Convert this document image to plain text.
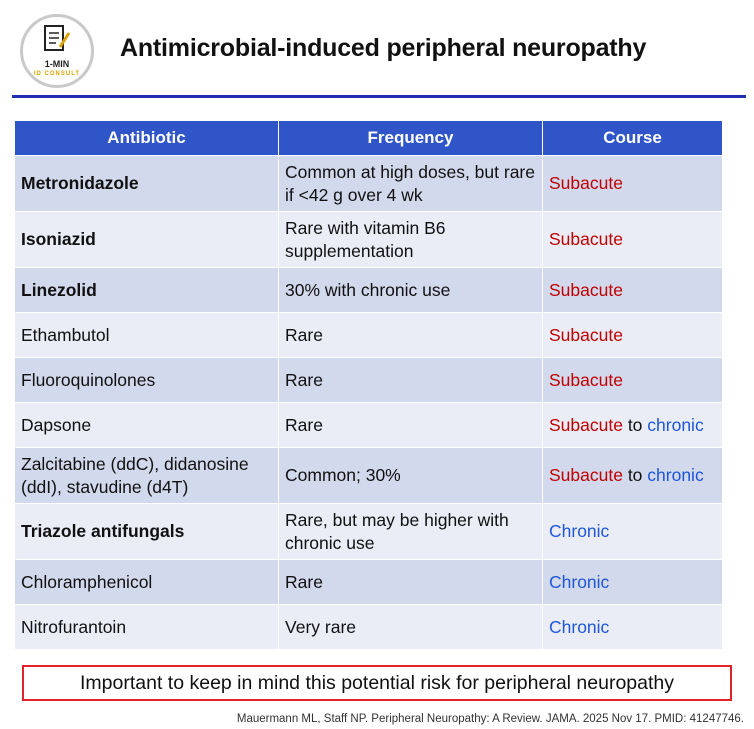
1-MIN
ID CONSULT
Antimicrobial-induced peripheral neuropathy
Antibiotic	Frequency	Course
Metronidazole	Common at high doses, but rare if <42 g over 4 wk	Subacute
Isoniazid	Rare with vitamin B6 supplementation	Subacute
Linezolid	30% with chronic use	Subacute
Ethambutol	Rare	Subacute
Fluoroquinolones	Rare	Subacute
Dapsone	Rare	Subacute to chronic
Zalcitabine (ddC), didanosine (ddI), stavudine (d4T)	Common; 30%	Subacute to chronic
Triazole antifungals	Rare, but may be higher with chronic use	Chronic
Chloramphenicol	Rare	Chronic
Nitrofurantoin	Very rare	Chronic
Important to keep in mind this potential risk for peripheral neuropathy
Mauermann ML, Staff NP. Peripheral Neuropathy: A Review. JAMA. 2025 Nov 17. PMID: 41247746.
